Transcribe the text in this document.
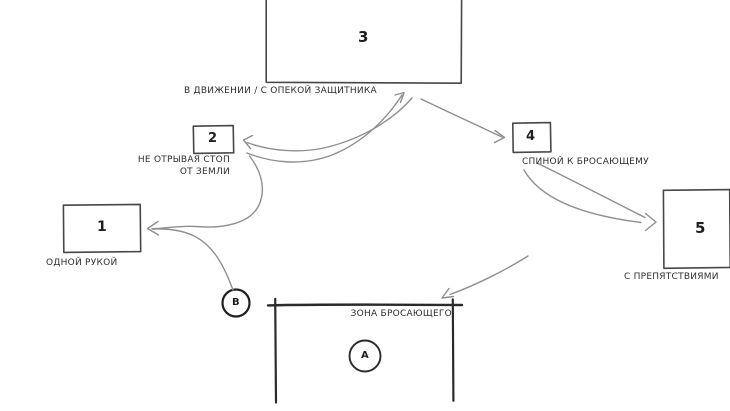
3
2	4
1	5
В ДВИЖЕНИИ / С ОПЕКОЙ ЗАЩИТНИКА
НЕ ОТРЫВАЯ СТОП
ОТ ЗЕМЛИ
СПИНОЙ К БРОСАЮЩЕМУ
ОДНОЙ РУКОЙ
С ПРЕПЯТСТВИЯМИ
ЗОНА БРОСАЮЩЕГО
А
В
